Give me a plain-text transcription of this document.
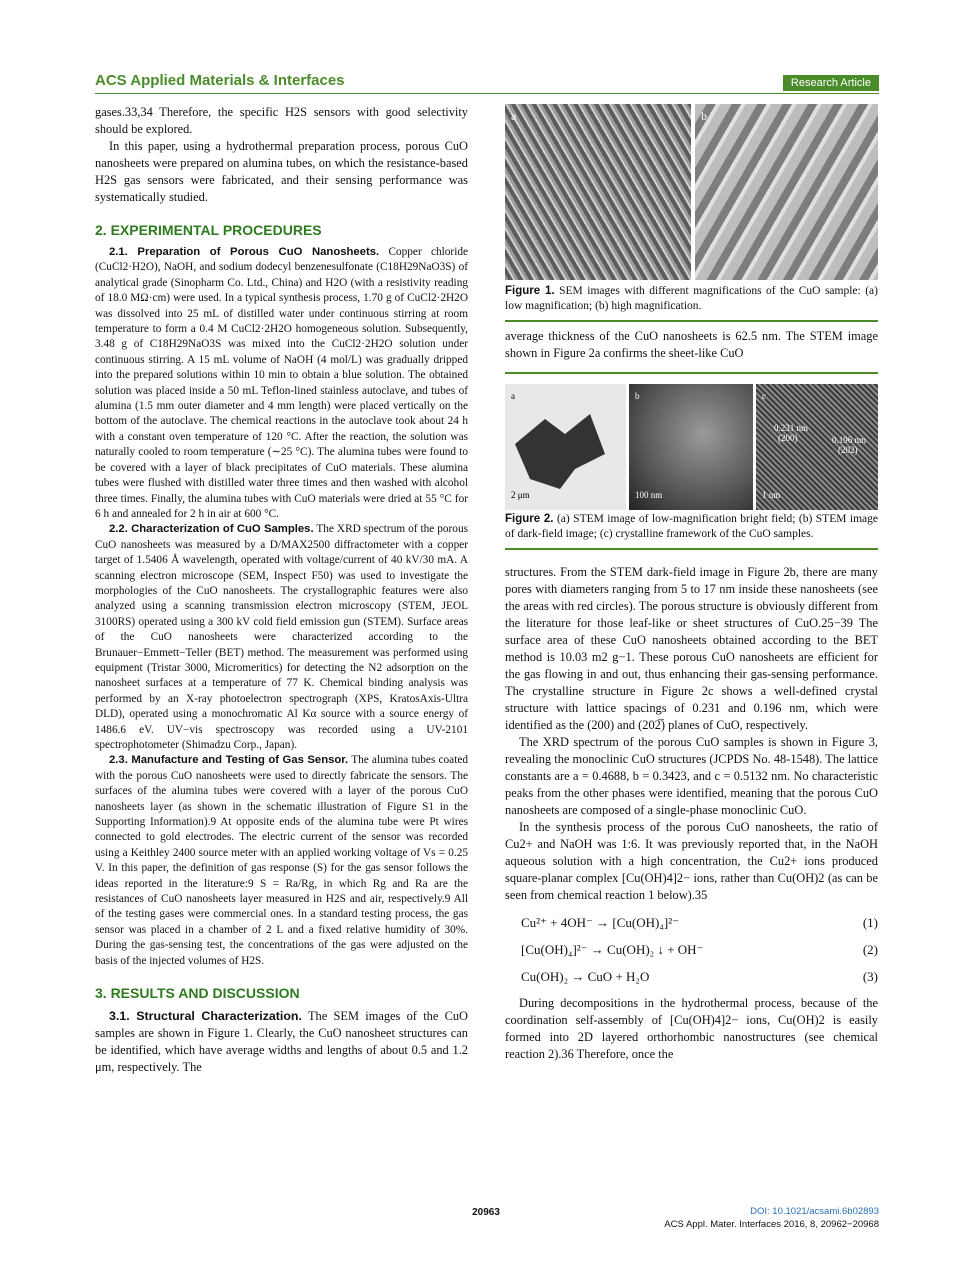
ACS Applied Materials & Interfaces	Research Article

gases.33,34 Therefore, the specific H2S sensors with good selectivity should be explored.

In this paper, using a hydrothermal preparation process, porous CuO nanosheets were prepared on alumina tubes, on which the resistance-based H2S gas sensors were fabricated, and their sensing performance was systematically studied.

2. EXPERIMENTAL PROCEDURES

2.1. Preparation of Porous CuO Nanosheets. Copper chloride (CuCl2·H2O), NaOH, and sodium dodecyl benzenesulfonate (C18H29NaO3S) of analytical grade (Sinopharm Co. Ltd., China) and H2O (with a resistivity reading of 18.0 MΩ·cm) were used. In a typical synthesis process, 1.70 g of CuCl2·2H2O was dissolved into 25 mL of distilled water under continuous stirring at room temperature to form a 0.4 M CuCl2·2H2O homogeneous solution. Subsequently, 3.48 g of C18H29NaO3S was mixed into the CuCl2·2H2O solution under continuous stirring. A 15 mL volume of NaOH (4 mol/L) was gradually dripped into the prepared solutions within 10 min to obtain a blue solution. The obtained solution was placed inside a 50 mL Teflon-lined stainless autoclave, and tubes of alumina (1.5 mm outer diameter and 4 mm length) were placed vertically on the bottom of the autoclave. The chemical reactions in the autoclave took about 24 h with a constant oven temperature of 120 °C. After the reaction, the solution was naturally cooled to room temperature (∼25 °C). The alumina tubes were found to be covered with a layer of black precipitates of CuO materials. These alumina tubes were flushed with distilled water three times and then washed with alcohol three times. Finally, the alumina tubes with CuO materials were dried at 55 °C for 6 h and annealed for 2 h in air at 600 °C.

2.2. Characterization of CuO Samples. The XRD spectrum of the porous CuO nanosheets was measured by a D/MAX2500 diffractometer with a copper target of 1.5406 Å wavelength, operated with voltage/current of 40 kV/30 mA. A scanning electron microscope (SEM, Inspect F50) was used to investigate the morphologies of the CuO nanosheets. The crystallographic features were also analyzed using a scanning transmission electron microscopy (STEM, JEOL 3100RS) operated using a 300 kV cold field emission gun (STEM). Surface areas of the CuO nanosheets were characterized according to the Brunauer−Emmett−Teller (BET) method. The measurement was performed using equipment (Tristar 3000, Micromeritics) for detecting the N2 adsorption on the nanosheet surfaces at a temperature of 77 K. Chemical binding analysis was performed by an X-ray photoelectron spectrograph (XPS, KratosAxis-Ultra DLD), operated using a monochromatic Al Kα source with a source energy of 1486.6 eV. UV−vis spectroscopy was recorded using a UV-2101 spectrophotometer (Shimadzu Corp., Japan).

2.3. Manufacture and Testing of Gas Sensor. The alumina tubes coated with the porous CuO nanosheets were used to directly fabricate the sensors. The surfaces of the alumina tubes were covered with a layer of the porous CuO nanosheets layer (as shown in the schematic illustration of Figure S1 in the Supporting Information).9 At opposite ends of the alumina tube were Pt wires connected to gold electrodes. The electric current of the sensor was recorded using a Keithley 2400 source meter with an applied working voltage of Vs = 0.25 V. In this paper, the definition of gas response (S) for the gas sensor follows the ideas reported in the literature:9 S = Ra/Rg, in which Rg and Ra are the resistances of CuO nanosheets layer measured in H2S and air, respectively.9 All of the testing gases were commercial ones. In a standard testing process, the gas sensor was placed in a chamber of 2 L and a fixed relative humidity of 30%. During the gas-sensing test, the concentrations of the gas were adjusted on the basis of the injected volumes of H2S.

3. RESULTS AND DISCUSSION

3.1. Structural Characterization. The SEM images of the CuO samples are shown in Figure 1. Clearly, the CuO nanosheet structures can be identified, which have average widths and lengths of about 0.5 and 1.2 μm, respectively. The

a	b

Figure 1. SEM images with different magnifications of the CuO sample: (a) low magnification; (b) high magnification.

average thickness of the CuO nanosheets is 62.5 nm. The STEM image shown in Figure 2a confirms the sheet-like CuO

a
2 μm
b
100 nm
c
0.231 nm
(200)	0.196 nm
(202)
1 nm

Figure 2. (a) STEM image of low-magnification bright field; (b) STEM image of dark-field image; (c) crystalline framework of the CuO samples.

structures. From the STEM dark-field image in Figure 2b, there are many pores with diameters ranging from 5 to 17 nm inside these nanosheets (see the areas with red circles). The porous structure is obviously different from the literature for those leaf-like or sheet structures of CuO.25−39 The surface area of these CuO nanosheets obtained according to the BET method is 10.03 m2 g−1. These porous CuO nanosheets are efficient for the gas flowing in and out, thus enhancing their gas-sensing performance. The crystalline structure in Figure 2c shows a well-defined crystal structure with lattice spacings of 0.231 and 0.196 nm, which were identified as the (200) and (202̅) planes of CuO, respectively.

The XRD spectrum of the porous CuO samples is shown in Figure 3, revealing the monoclinic CuO structures (JCPDS No. 48-1548). The lattice constants are a = 0.4688, b = 0.3423, and c = 0.5132 nm. No characteristic peaks from the other phases were identified, meaning that the porous CuO nanosheets are composed of a single-phase monoclinic CuO.

In the synthesis process of the porous CuO nanosheets, the ratio of Cu2+ and NaOH was 1:6. It was previously reported that, in the NaOH aqueous solution with a high concentration, the Cu2+ ions produced square-planar complex [Cu(OH)4]2− ions, rather than Cu(OH)2 (as can be seen from chemical reaction 1 below).35

Cu²⁺ + 4OH⁻ → [Cu(OH)₄]²⁻	(1)
[Cu(OH)₄]²⁻ → Cu(OH)₂ ↓ + OH⁻	(2)
Cu(OH)₂ → CuO + H₂O	(3)

During decompositions in the hydrothermal process, because of the coordination self-assembly of [Cu(OH)4]2− ions, Cu(OH)2 is easily formed into 2D layered orthorhombic nanostructures (see chemical reaction 2).36 Therefore, once the

20963	DOI: 10.1021/acsami.6b02893
ACS Appl. Mater. Interfaces 2016, 8, 20962−20968
